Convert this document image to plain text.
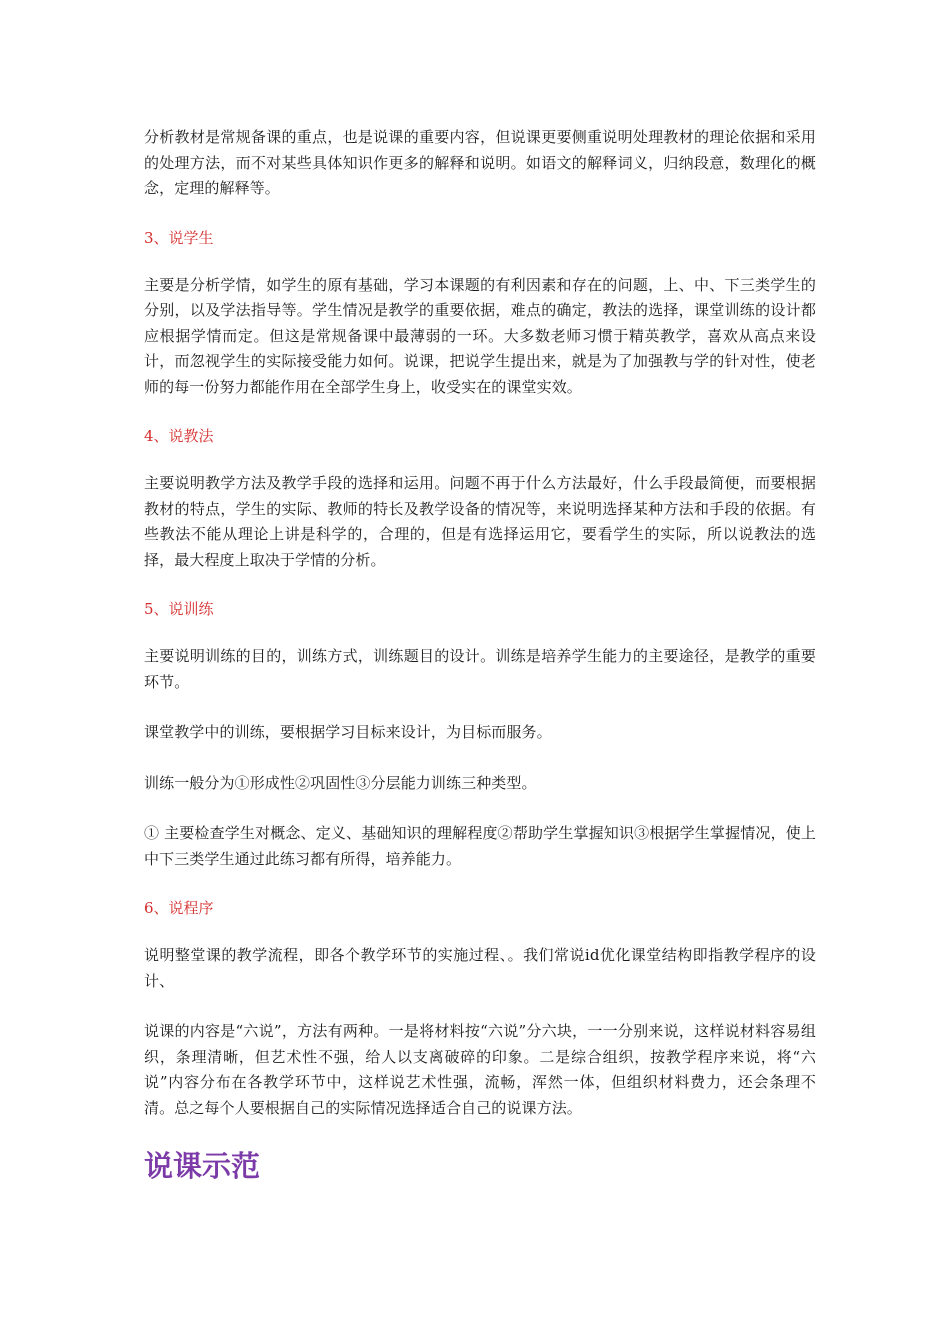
分析教材是常规备课的重点，也是说课的重要内容，但说课更要侧重说明处理教材的理论依据和采用的处理方法，而不对某些具体知识作更多的解释和说明。如语文的解释词义，归纳段意，数理化的概念，定理的解释等。

3、说学生

主要是分析学情，如学生的原有基础，学习本课题的有利因素和存在的问题，上、中、下三类学生的分别，以及学法指导等。学生情况是教学的重要依据，难点的确定，教法的选择，课堂训练的设计都应根据学情而定。但这是常规备课中最薄弱的一环。大多数老师习惯于精英教学，喜欢从高点来设计，而忽视学生的实际接受能力如何。说课，把说学生提出来，就是为了加强教与学的针对性，使老师的每一份努力都能作用在全部学生身上，收受实在的课堂实效。

4、说教法

主要说明教学方法及教学手段的选择和运用。问题不再于什么方法最好，什么手段最简便，而要根据教材的特点，学生的实际、教师的特长及教学设备的情况等，来说明选择某种方法和手段的依据。有些教法不能从理论上讲是科学的，合理的，但是有选择运用它，要看学生的实际，所以说教法的选择，最大程度上取决于学情的分析。

5、说训练

主要说明训练的目的，训练方式，训练题目的设计。训练是培养学生能力的主要途径，是教学的重要环节。

课堂教学中的训练，要根据学习目标来设计，为目标而服务。

训练一般分为①形成性②巩固性③分层能力训练三种类型。

① 主要检查学生对概念、定义、基础知识的理解程度②帮助学生掌握知识③根据学生掌握情况，使上中下三类学生通过此练习都有所得，培养能力。

6、说程序

说明整堂课的教学流程，即各个教学环节的实施过程、。我们常说id优化课堂结构即指教学程序的设计、

说课的内容是“六说”，方法有两种。一是将材料按“六说”分六块，一一分别来说，这样说材料容易组织，条理清晰，但艺术性不强，给人以支离破碎的印象。二是综合组织，按教学程序来说，将“六说”内容分布在各教学环节中，这样说艺术性强，流畅，浑然一体，但组织材料费力，还会条理不清。总之每个人要根据自己的实际情况选择适合自己的说课方法。

说课示范
